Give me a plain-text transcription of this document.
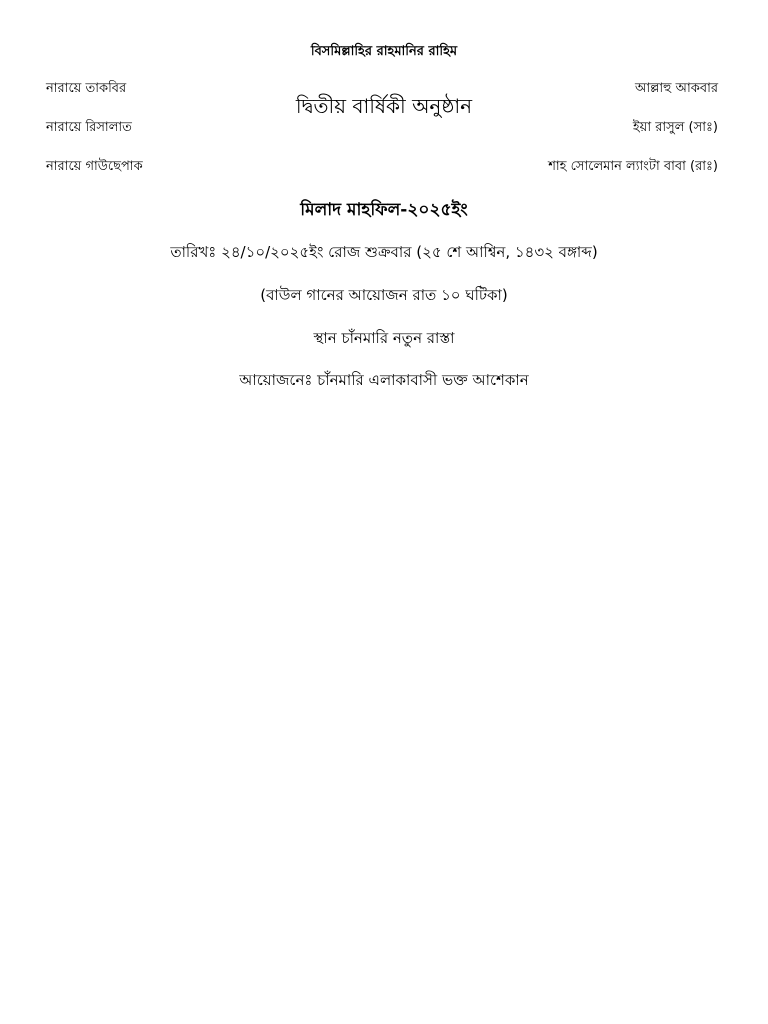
বিসমিল্লাহির রাহমানির রাহিম
নারায়ে তাকবির
নারায়ে রিসালাত
নারায়ে গাউছেপাক
আল্লাহু আকবার
ইয়া রাসুল (সাঃ)
শাহ সোলেমান ল্যাংটা বাবা (রাঃ)
দ্বিতীয় বার্ষিকী অনুষ্ঠান
মিলাদ মাহফিল-২০২৫ইং
তারিখঃ ২৪/১০/২০২৫ইং রোজ শুক্রবার (২৫ শে আশ্বিন, ১৪৩২ বঙ্গাব্দ)
(বাউল গানের আয়োজন রাত ১০ ঘটিকা)
স্থান চাঁনমারি নতুন রাস্তা
আয়োজনেঃ চাঁনমারি এলাকাবাসী ভক্ত আশেকান
